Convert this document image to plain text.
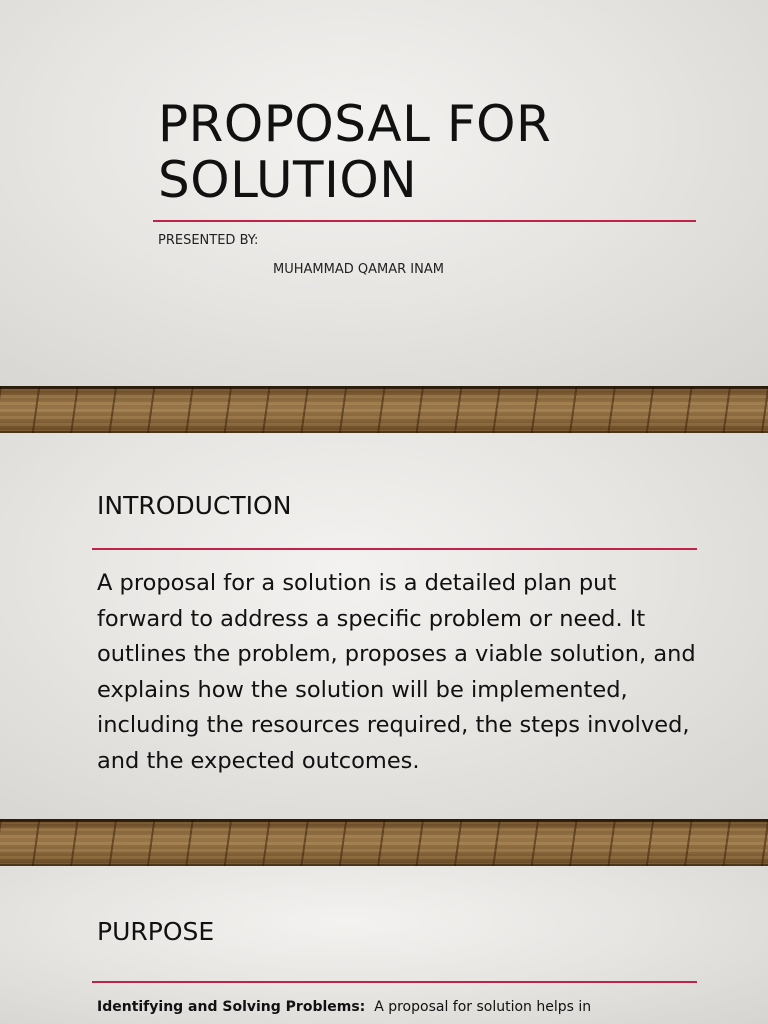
PROPOSAL FOR
SOLUTION
PRESENTED BY:
MUHAMMAD QAMAR INAM
INTRODUCTION

A proposal for a solution is a detailed plan put forward to address a specific problem or need. It outlines the problem, proposes a viable solution, and explains how the solution will be implemented, including the resources required, the steps involved, and the expected outcomes.

PURPOSE
Identifying and Solving Problems: A proposal for solution helps in
